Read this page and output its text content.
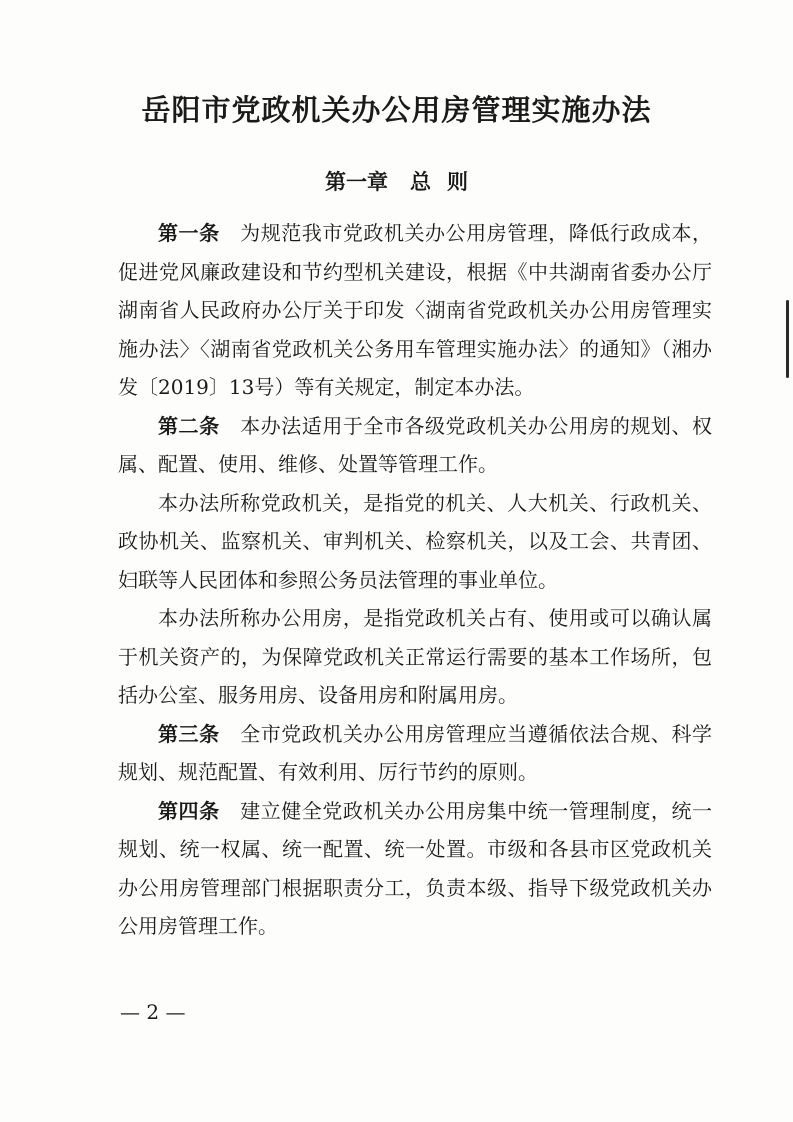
岳阳市党政机关办公用房管理实施办法
第一章 总 则

第一条 为规范我市党政机关办公用房管理，降低行政成本，促进党风廉政建设和节约型机关建设，根据《中共湖南省委办公厅湖南省人民政府办公厅关于印发〈湖南省党政机关办公用房管理实施办法〉〈湖南省党政机关公务用车管理实施办法〉的通知》（湘办发〔2019〕13号）等有关规定，制定本办法。

第二条 本办法适用于全市各级党政机关办公用房的规划、权属、配置、使用、维修、处置等管理工作。

本办法所称党政机关，是指党的机关、人大机关、行政机关、政协机关、监察机关、审判机关、检察机关，以及工会、共青团、妇联等人民团体和参照公务员法管理的事业单位。

本办法所称办公用房，是指党政机关占有、使用或可以确认属于机关资产的，为保障党政机关正常运行需要的基本工作场所，包括办公室、服务用房、设备用房和附属用房。

第三条 全市党政机关办公用房管理应当遵循依法合规、科学规划、规范配置、有效利用、厉行节约的原则。

第四条 建立健全党政机关办公用房集中统一管理制度，统一规划、统一权属、统一配置、统一处置。市级和各县市区党政机关办公用房管理部门根据职责分工，负责本级、指导下级党政机关办公用房管理工作。

— 2 —
